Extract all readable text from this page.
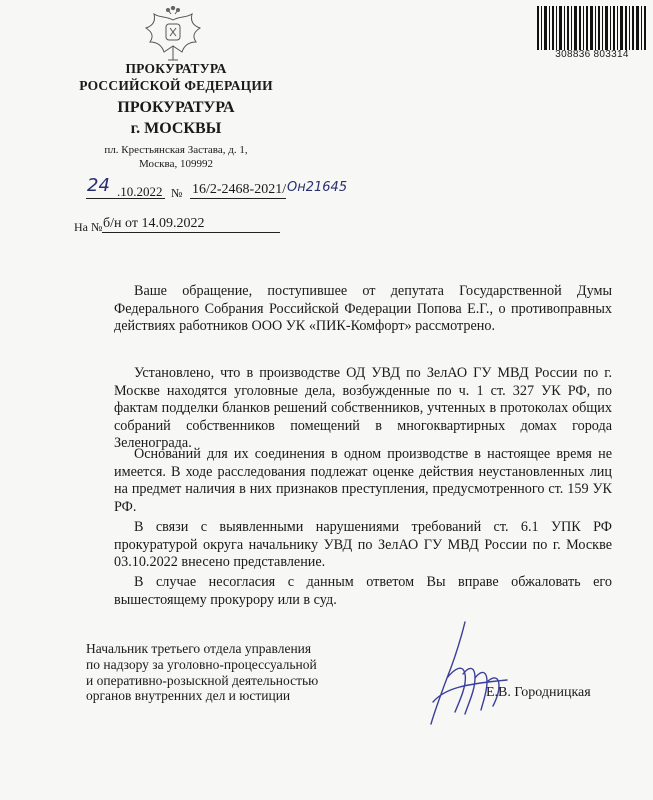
308836 803314
ПРОКУРАТУРА
РОССИЙСКОЙ ФЕДЕРАЦИИ
ПРОКУРАТУРА
г. МОСКВЫ
пл. Крестьянская Застава, д. 1,
Москва, 109992
24 .10.2022 № 16/2-2468-2021/ Он21645
На № б/н от 14.09.2022
Ваше обращение, поступившее от депутата Государственной Думы Федерального Собрания Российской Федерации Попова Е.Г., о противоправных действиях работников ООО УК «ПИК-Комфорт» рассмотрено.
Установлено, что в производстве ОД УВД по ЗелАО ГУ МВД России по г. Москве находятся уголовные дела, возбужденные по ч. 1 ст. 327 УК РФ, по фактам подделки бланков решений собственников, учтенных в протоколах общих собраний собственников помещений в многоквартирных домах города Зеленограда.
Оснований для их соединения в одном производстве в настоящее время не имеется. В ходе расследования подлежат оценке действия неустановленных лиц на предмет наличия в них признаков преступления, предусмотренного ст. 159 УК РФ.
В связи с выявленными нарушениями требований ст. 6.1 УПК РФ прокуратурой округа начальнику УВД по ЗелАО ГУ МВД России по г. Москве 03.10.2022 внесено представление.
В случае несогласия с данным ответом Вы вправе обжаловать его вышестоящему прокурору или в суд.
Начальник третьего отдела управления
по надзору за уголовно-процессуальной
и оперативно-розыскной деятельностью
органов внутренних дел и юстиции	Е.В. Городницкая
